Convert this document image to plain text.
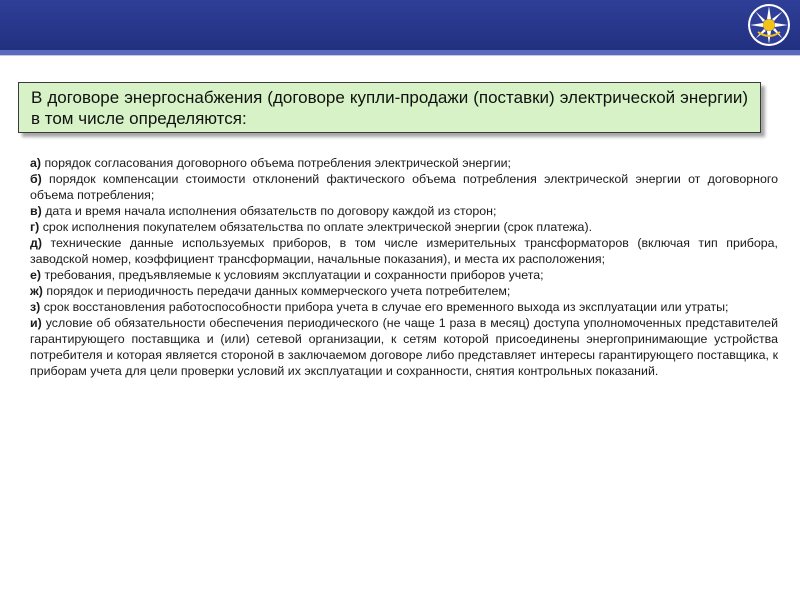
В договоре энергоснабжения (договоре купли-продажи (поставки) электрической энергии) в том числе определяются:

а) порядок согласования договорного объема потребления электрической энергии;

б) порядок компенсации стоимости отклонений фактического объема потребления электрической энергии от договорного объема потребления;

в) дата и время начала исполнения обязательств по договору каждой из сторон;

г) срок исполнения покупателем обязательства по оплате электрической энергии (срок платежа).

д) технические данные используемых приборов, в том числе измерительных трансформаторов (включая тип прибора, заводской номер, коэффициент трансформации, начальные показания), и места их расположения;

е) требования, предъявляемые к условиям эксплуатации и сохранности приборов учета;

ж) порядок и периодичность передачи данных коммерческого учета потребителем;

з) срок восстановления работоспособности прибора учета в случае его временного выхода из эксплуатации или утраты;

и) условие об обязательности обеспечения периодического (не чаще 1 раза в месяц) доступа уполномоченных представителей гарантирующего поставщика и (или) сетевой организации, к сетям которой присоединены энергопринимающие устройства потребителя и которая является стороной в заключаемом договоре либо представляет интересы гарантирующего поставщика, к приборам учета для цели проверки условий их эксплуатации и сохранности, снятия контрольных показаний.
